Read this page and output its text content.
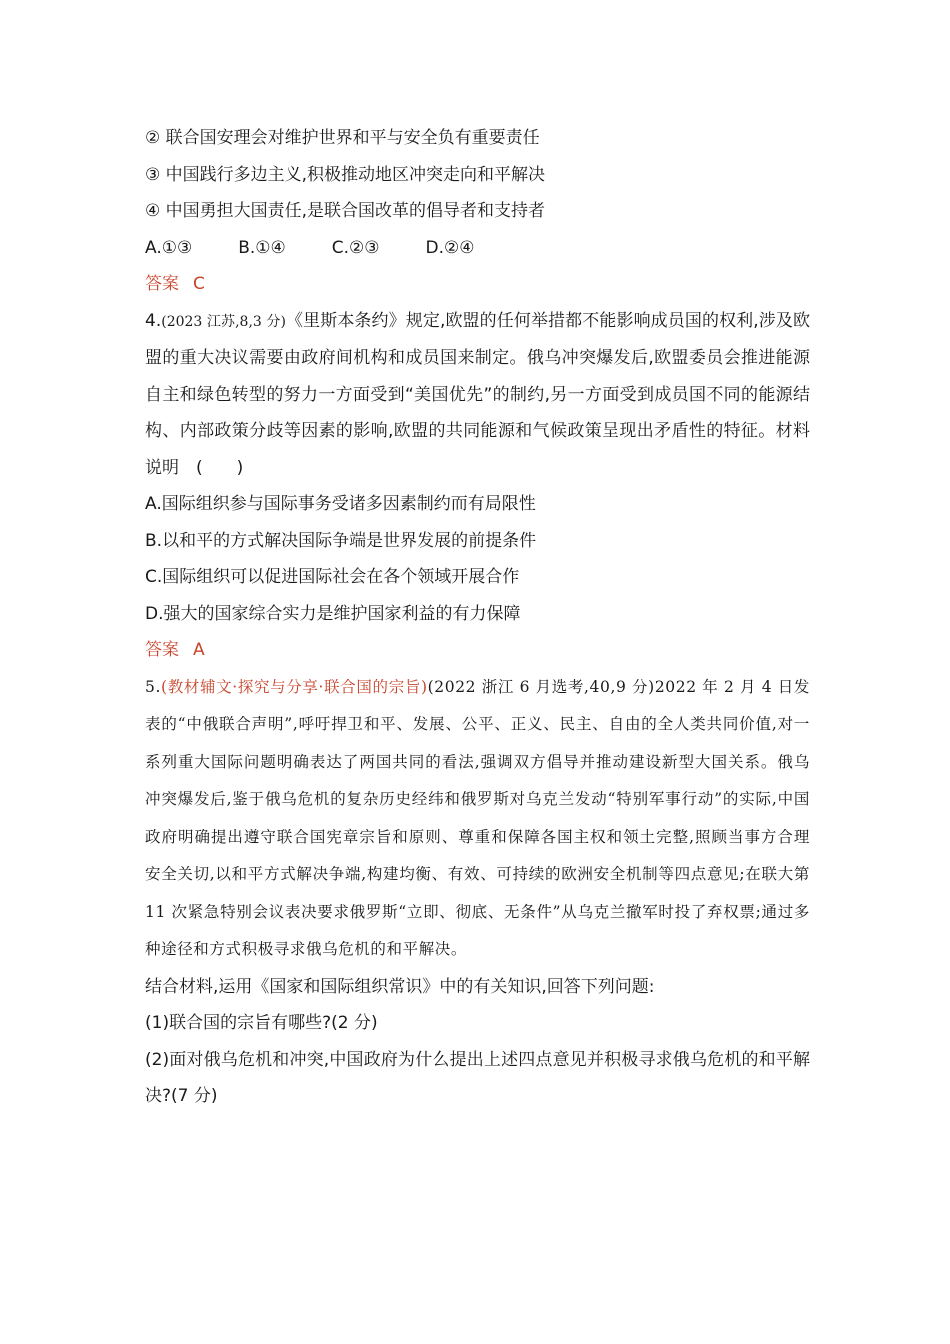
② 联合国安理会对维护世界和平与安全负有重要责任
③ 中国践行多边主义,积极推动地区冲突走向和平解决
④ 中国勇担大国责任,是联合国改革的倡导者和支持者
A.①③	B.①④	C.②③	D.②④
答案 C
4.(2023 江苏,8,3 分)《里斯本条约》规定,欧盟的任何举措都不能影响成员国的权利,涉及欧盟的重大决议需要由政府间机构和成员国来制定。俄乌冲突爆发后,欧盟委员会推进能源自主和绿色转型的努力一方面受到“美国优先”的制约,另一方面受到成员国不同的能源结构、内部政策分歧等因素的影响,欧盟的共同能源和气候政策呈现出矛盾性的特征。材料说明　(　　)
A.国际组织参与国际事务受诸多因素制约而有局限性
B.以和平的方式解决国际争端是世界发展的前提条件
C.国际组织可以促进国际社会在各个领域开展合作
D.强大的国家综合实力是维护国家利益的有力保障
答案 A
5.(教材辅文·探究与分享·联合国的宗旨)(2022 浙江 6 月选考,40,9 分)2022 年 2 月 4 日发表的“中俄联合声明”,呼吁捍卫和平、发展、公平、正义、民主、自由的全人类共同价值,对一系列重大国际问题明确表达了两国共同的看法,强调双方倡导并推动建设新型大国关系。俄乌冲突爆发后,鉴于俄乌危机的复杂历史经纬和俄罗斯对乌克兰发动“特别军事行动”的实际,中国政府明确提出遵守联合国宪章宗旨和原则、尊重和保障各国主权和领土完整,照顾当事方合理安全关切,以和平方式解决争端,构建均衡、有效、可持续的欧洲安全机制等四点意见;在联大第 11 次紧急特别会议表决要求俄罗斯“立即、彻底、无条件”从乌克兰撤军时投了弃权票;通过多种途径和方式积极寻求俄乌危机的和平解决。
结合材料,运用《国家和国际组织常识》中的有关知识,回答下列问题:
(1)联合国的宗旨有哪些?(2 分)
(2)面对俄乌危机和冲突,中国政府为什么提出上述四点意见并积极寻求俄乌危机的和平解决?(7 分)
